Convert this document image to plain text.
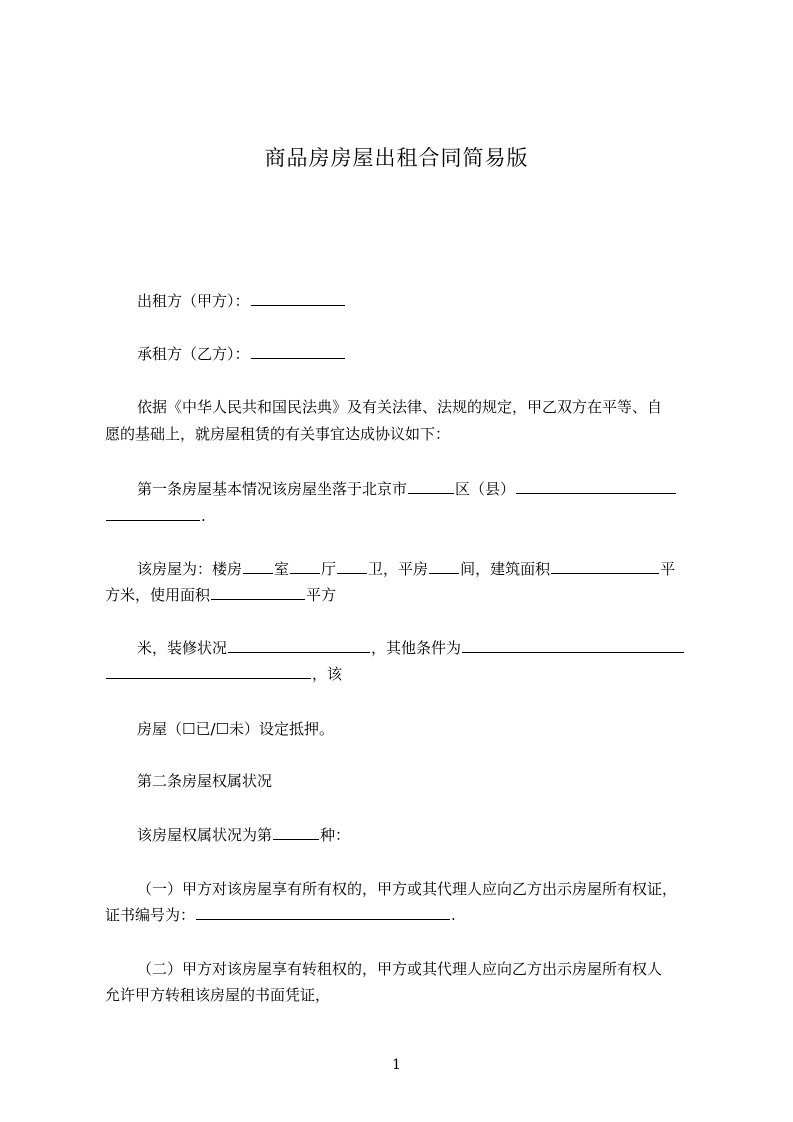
商品房房屋出租合同简易版
出租方（甲方）：
承租方（乙方）：
依据《中华人民共和国民法典》及有关法律、法规的规定，甲乙双方在平等、自
愿的基础上，就房屋租赁的有关事宜达成协议如下：
第一条房屋基本情况该房屋坐落于北京市	区（县）
.
该房屋为：楼房 室 厅 卫，平房 间，建筑面积	平
方米，使用面积	平方
米，装修状况	，其他条件为
，该
房屋（☐已/☐未）设定抵押。
第二条房屋权属状况
该房屋权属状况为第	种：
（一）甲方对该房屋享有所有权的，甲方或其代理人应向乙方出示房屋所有权证，
证书编号为：	.
（二）甲方对该房屋享有转租权的，甲方或其代理人应向乙方出示房屋所有权人
允许甲方转租该房屋的书面凭证，
1
